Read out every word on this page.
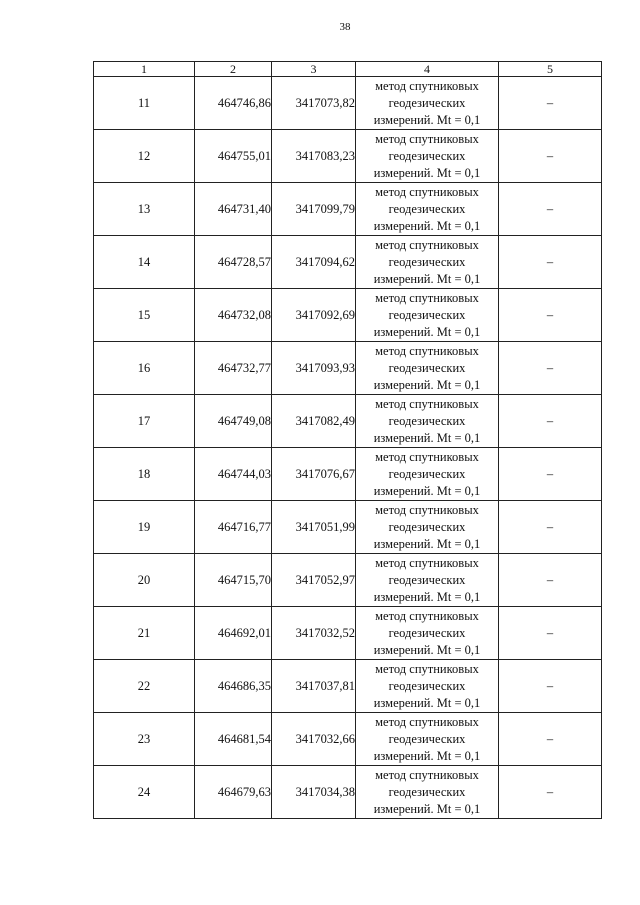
38
1	2	3	4	5
11	464746,86	3417073,82	метод спутниковых
геодезических
измерений. Mt = 0,1	–
12	464755,01	3417083,23	метод спутниковых
геодезических
измерений. Mt = 0,1	–
13	464731,40	3417099,79	метод спутниковых
геодезических
измерений. Mt = 0,1	–
14	464728,57	3417094,62	метод спутниковых
геодезических
измерений. Mt = 0,1	–
15	464732,08	3417092,69	метод спутниковых
геодезических
измерений. Mt = 0,1	–
16	464732,77	3417093,93	метод спутниковых
геодезических
измерений. Mt = 0,1	–
17	464749,08	3417082,49	метод спутниковых
геодезических
измерений. Mt = 0,1	–
18	464744,03	3417076,67	метод спутниковых
геодезических
измерений. Mt = 0,1	–
19	464716,77	3417051,99	метод спутниковых
геодезических
измерений. Mt = 0,1	–
20	464715,70	3417052,97	метод спутниковых
геодезических
измерений. Mt = 0,1	–
21	464692,01	3417032,52	метод спутниковых
геодезических
измерений. Mt = 0,1	–
22	464686,35	3417037,81	метод спутниковых
геодезических
измерений. Mt = 0,1	–
23	464681,54	3417032,66	метод спутниковых
геодезических
измерений. Mt = 0,1	–
24	464679,63	3417034,38	метод спутниковых
геодезических
измерений. Mt = 0,1	–
